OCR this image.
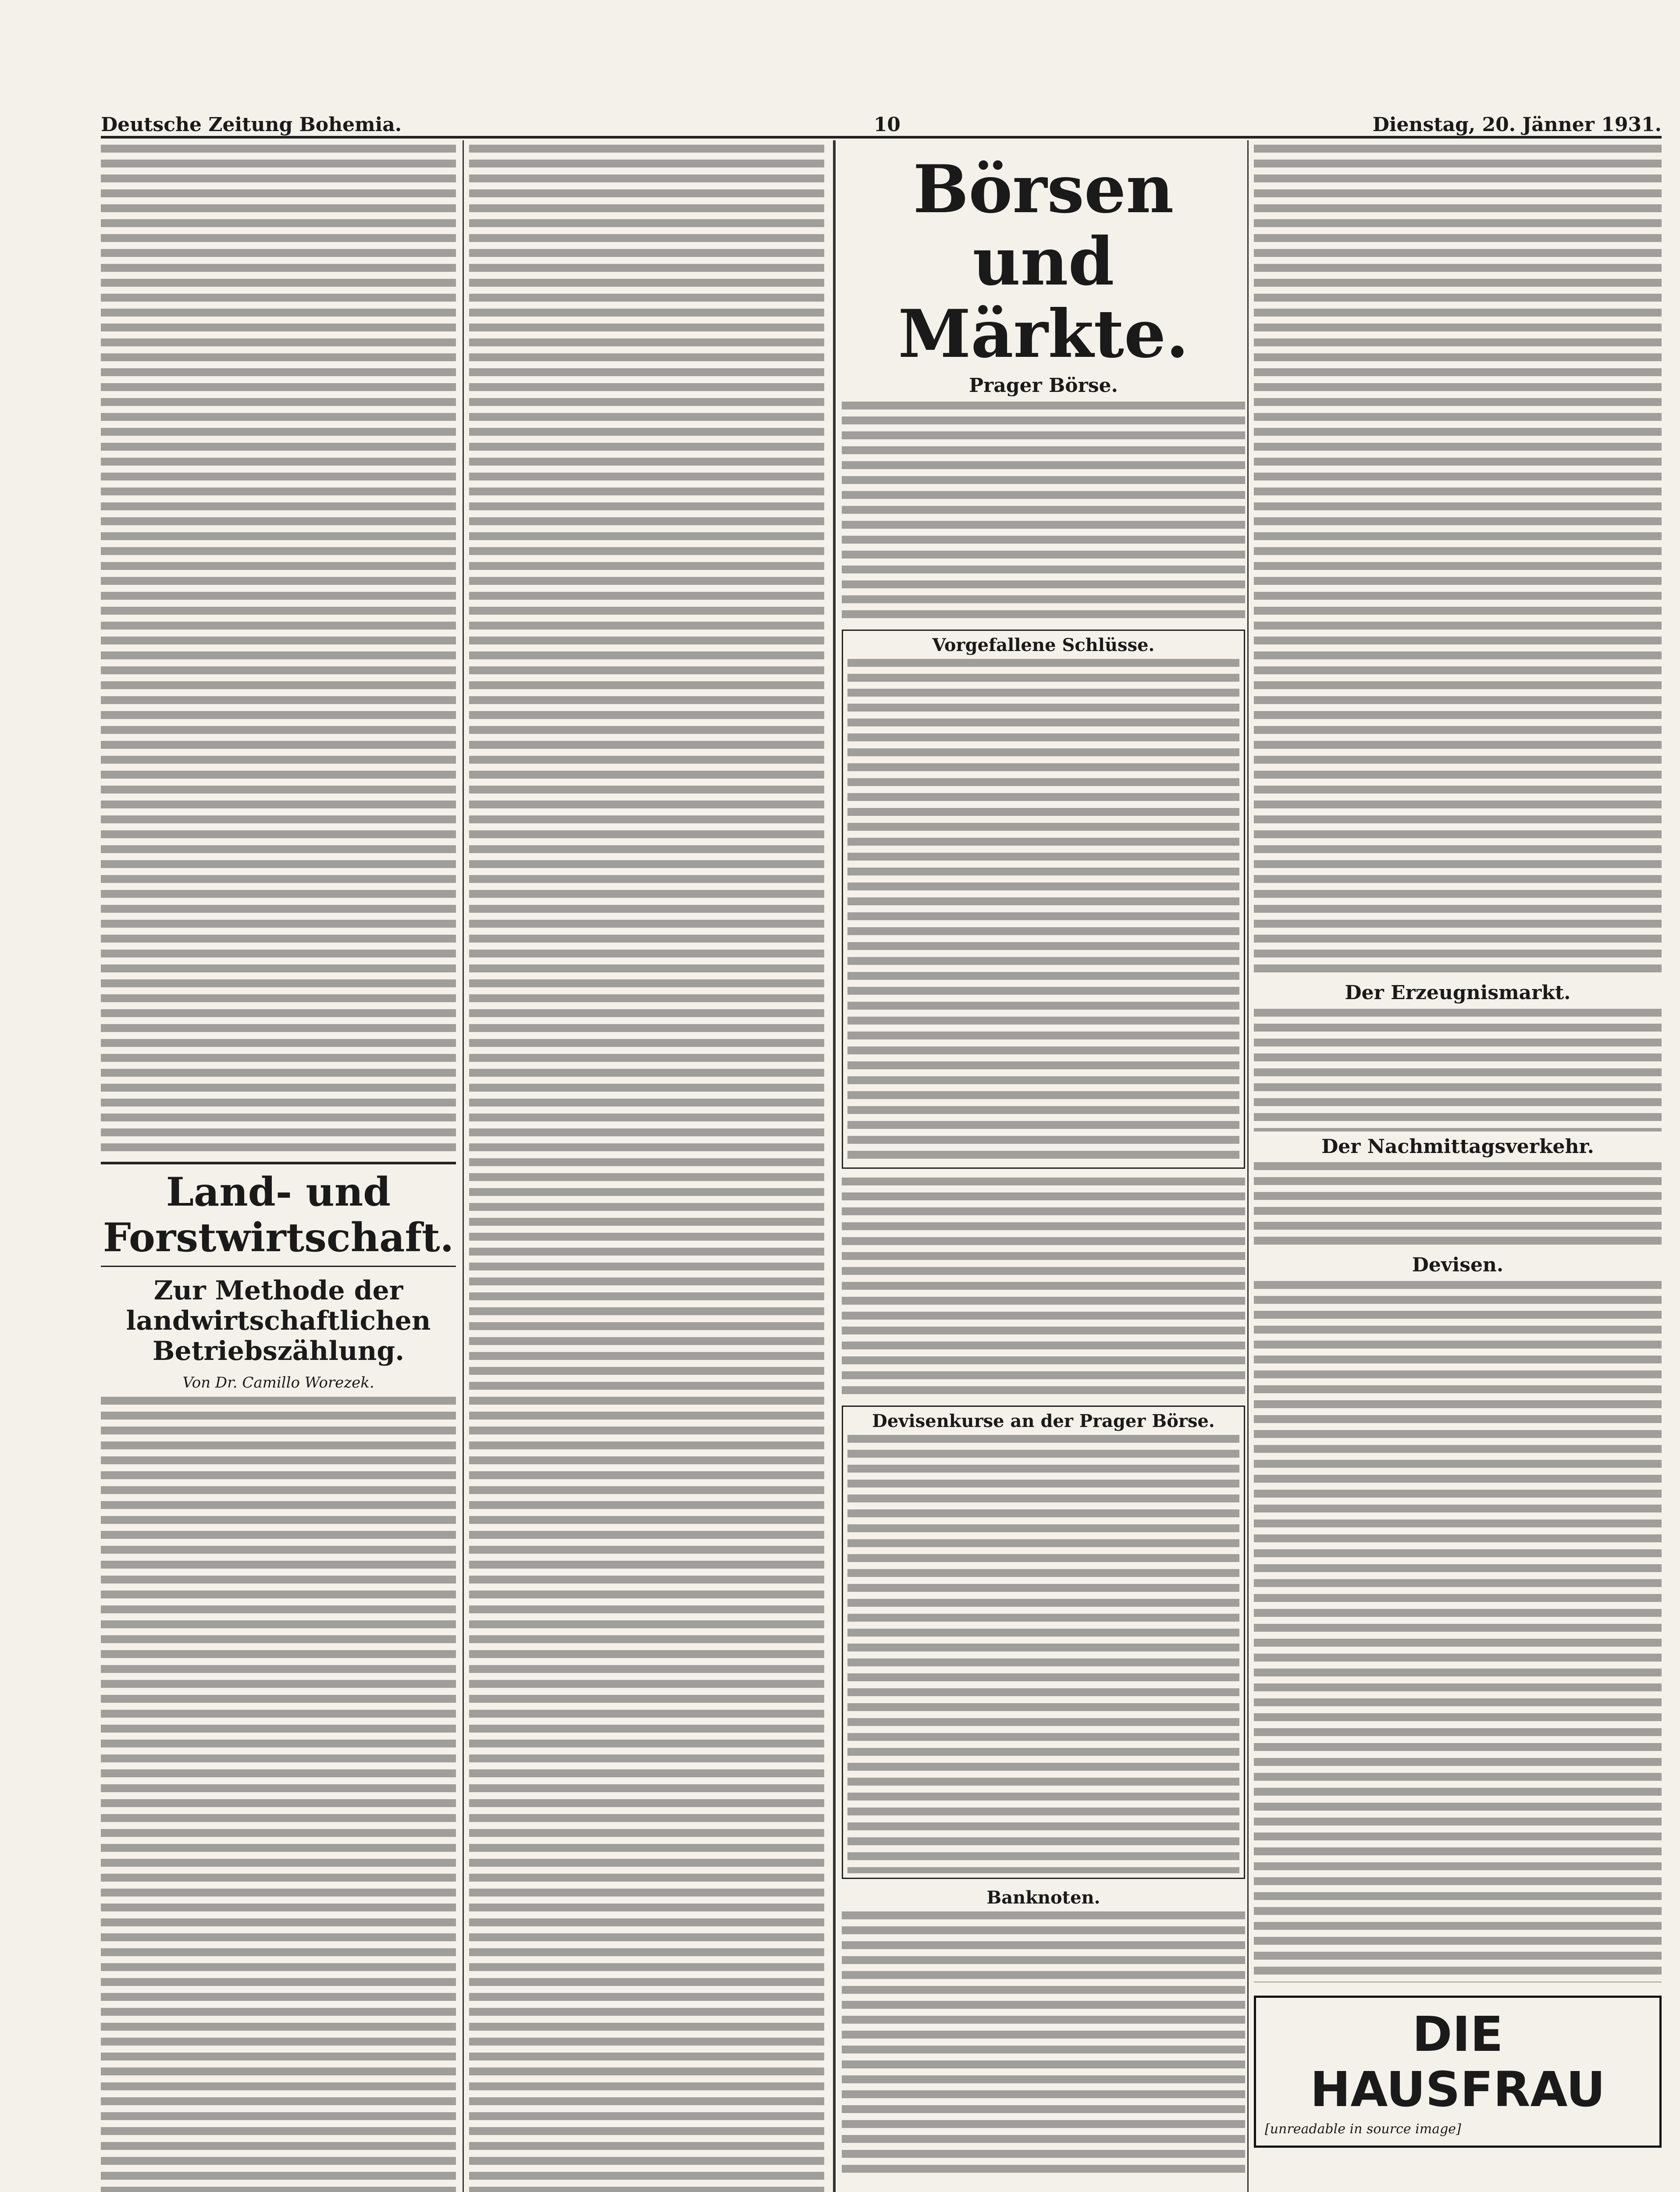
Deutsche Zeitung Bohemia.	10	Dienstag, 20. Jänner 1931.
Land- und Forstwirtschaft.
Zur Methode der landwirtschaftlichen Betriebszählung.
Von Dr. Camillo Worezek.
Börsen und Märkte.
Prager Börse.
Vorgefallene Schlüsse.
Devisenkurse an der Prager Börse.
Banknoten.
Der Erzeugnismarkt.
Der Nachmittagsverkehr.
Devisen.
DIE HAUSFRAU
[unreadable in source image]
